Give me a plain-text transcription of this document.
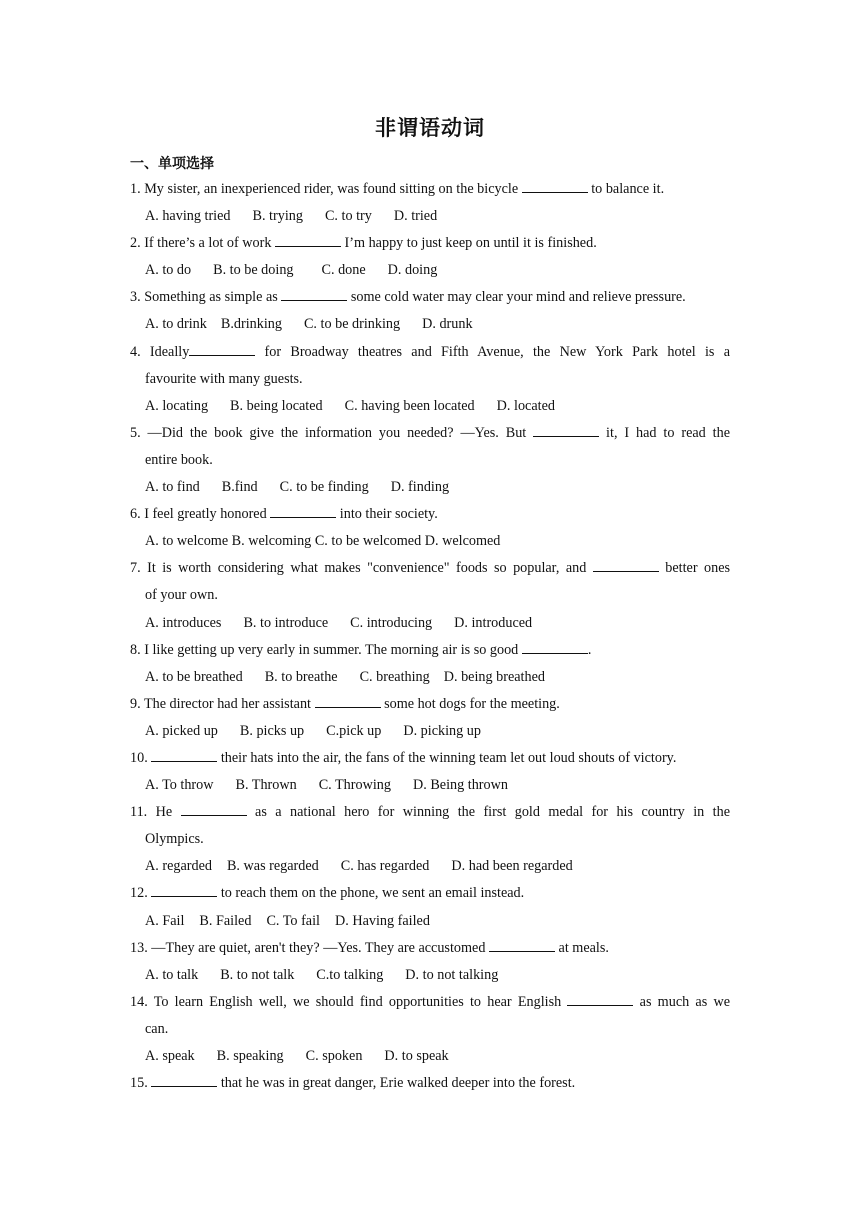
非谓语动词
一、单项选择
1. My sister, an inexperienced rider, was found sitting on the bicycle	to balance it.
A. having tried B. trying C. to try D. tried
2. If there’s a lot of work	I’m happy to just keep on until it is finished.
A. to do B. to be doing C. done D. doing
3. Something as simple as	some cold water may clear your mind and relieve pressure.
A. to drink B.drinking C. to be drinking D. drunk
4. Ideally	for Broadway theatres and Fifth Avenue, the New York Park hotel is a
favourite with many guests.
A. locating B. being located C. having been located D. located
5. —Did the book give the information you needed? —Yes. But	it, I had to read the
entire book.
A. to find B.find C. to be finding D. finding
6. I feel greatly honored	into their society.
A. to welcome B. welcoming C. to be welcomed D. welcomed
7. It is worth considering what makes "convenience" foods so popular, and	better ones
of your own.
A. introduces B. to introduce C. introducing D. introduced
8. I like getting up very early in summer. The morning air is so good	.
A. to be breathed B. to breathe C. breathing D. being breathed
9. The director had her assistant	some hot dogs for the meeting.
A. picked up B. picks up C.pick up D. picking up
10.	their hats into the air, the fans of the winning team let out loud shouts of victory.
A. To throw B. Thrown C. Throwing D. Being thrown
11. He	as a national hero for winning the first gold medal for his country in the
Olympics.
A. regarded B. was regarded C. has regarded D. had been regarded
12.	to reach them on the phone, we sent an email instead.
A. Fail B. Failed C. To fail D. Having failed
13. —They are quiet, aren't they? —Yes. They are accustomed	at meals.
A. to talk B. to not talk C.to talking D. to not talking
14. To learn English well, we should find opportunities to hear English	as much as we
can.
A. speak B. speaking C. spoken D. to speak
15.	that he was in great danger, Erie walked deeper into the forest.
